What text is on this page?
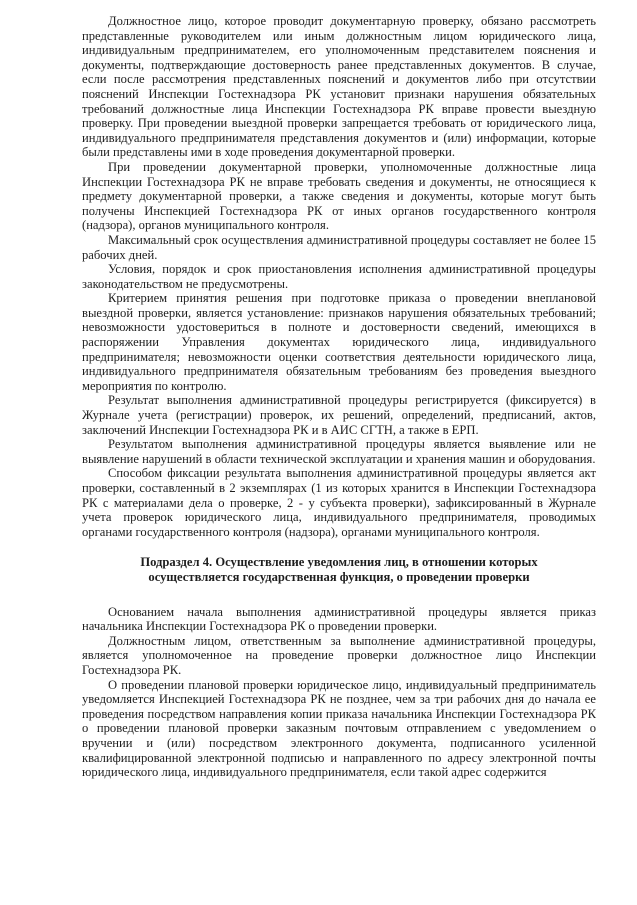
Должностное лицо, которое проводит документарную проверку, обязано рассмотреть представленные руководителем или иным должностным лицом юридического лица, индивидуальным предпринимателем, его уполномоченным представителем пояснения и документы, подтверждающие достоверность ранее представленных документов. В случае, если после рассмотрения представленных пояснений и документов либо при отсутствии пояснений Инспекции Гостехнадзора РК установит признаки нарушения обязательных требований должностные лица Инспекции Гостехнадзора РК вправе провести выездную проверку. При проведении выездной проверки запрещается требовать от юридического лица, индивидуального предпринимателя представления документов и (или) информации, которые были представлены ими в ходе проведения документарной проверки.

При проведении документарной проверки, уполномоченные должностные лица Инспекции Гостехнадзора РК не вправе требовать сведения и документы, не относящиеся к предмету документарной проверки, а также сведения и документы, которые могут быть получены Инспекцией Гостехнадзора РК от иных органов государственного контроля (надзора), органов муниципального контроля.

Максимальный срок осуществления административной процедуры составляет не более 15 рабочих дней.

Условия, порядок и срок приостановления исполнения административной процедуры законодательством не предусмотрены.

Критерием принятия решения при подготовке приказа о проведении внеплановой выездной проверки, является установление: признаков нарушения обязательных требований; невозможности удостовериться в полноте и достоверности сведений, имеющихся в распоряжении Управления документах юридического лица, индивидуального предпринимателя; невозможности оценки соответствия деятельности юридического лица, индивидуального предпринимателя обязательным требованиям без проведения выездного мероприятия по контролю.

Результат выполнения административной процедуры регистрируется (фиксируется) в Журнале учета (регистрации) проверок, их решений, определений, предписаний, актов, заключений Инспекции Гостехнадзора РК и в АИС СГТН, а также в ЕРП.

Результатом выполнения административной процедуры является выявление или не выявление нарушений в области технической эксплуатации и хранения машин и оборудования.

Способом фиксации результата выполнения административной процедуры является акт проверки, составленный в 2 экземплярах (1 из которых хранится в Инспекции Гостехнадзора РК с материалами дела о проверке, 2 - у субъекта проверки), зафиксированный в Журнале учета проверок юридического лица, индивидуального предпринимателя, проводимых органами государственного контроля (надзора), органами муниципального контроля.

Подраздел 4. Осуществление уведомления лиц, в отношении которых
осуществляется государственная функция, о проведении проверки

Основанием начала выполнения административной процедуры является приказ начальника Инспекции Гостехнадзора РК о проведении проверки.

Должностным лицом, ответственным за выполнение административной процедуры, является уполномоченное на проведение проверки должностное лицо Инспекции Гостехнадзора РК.

О проведении плановой проверки юридическое лицо, индивидуальный предприниматель уведомляется Инспекцией Гостехнадзора РК не позднее, чем за три рабочих дня до начала ее проведения посредством направления копии приказа начальника Инспекции Гостехнадзора РК о проведении плановой проверки заказным почтовым отправлением с уведомлением о вручении и (или) посредством электронного документа, подписанного усиленной квалифицированной электронной подписью и направленного по адресу электронной почты юридического лица, индивидуального предпринимателя, если такой адрес содержится
